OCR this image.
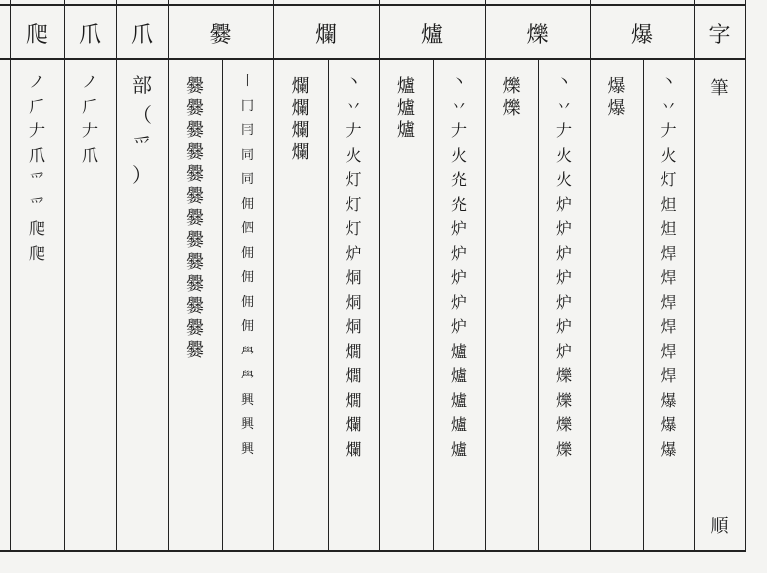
爬
ノ
𠂆
𠂇
爪
爫
爫
爬
爬
爪
ノ
𠂆
𠂇
爪
爪
部
（
爫
）
爨
爨
爨
爨
爨
爨
爨
爨
爨
爨
爨
爨
爨
爨
丨
冂
冃
同
同
佣
伵
佣
佣
佣
佣
𦥯
𦥯
興
興
興
爛
爛
爛
爛
爛
丶
丷
𠂇
火
灯
灯
灯
炉
烔
烔
烔
燗
燗
燗
爛
爛
爐
爐
爐
爐
丶
丷
𠂇
火
灮
灮
炉
炉
炉
炉
炉
爐
爐
爐
爐
爐
爍
爍
爍
丶
丷
𠂇
火
火
炉
炉
炉
炉
炉
炉
炉
爍
爍
爍
爍
爆
爆
爆
丶
丷
𠂇
火
灯
炟
炟
焊
焊
焊
焊
焊
焊
爆
爆
爆
字
筆
順
